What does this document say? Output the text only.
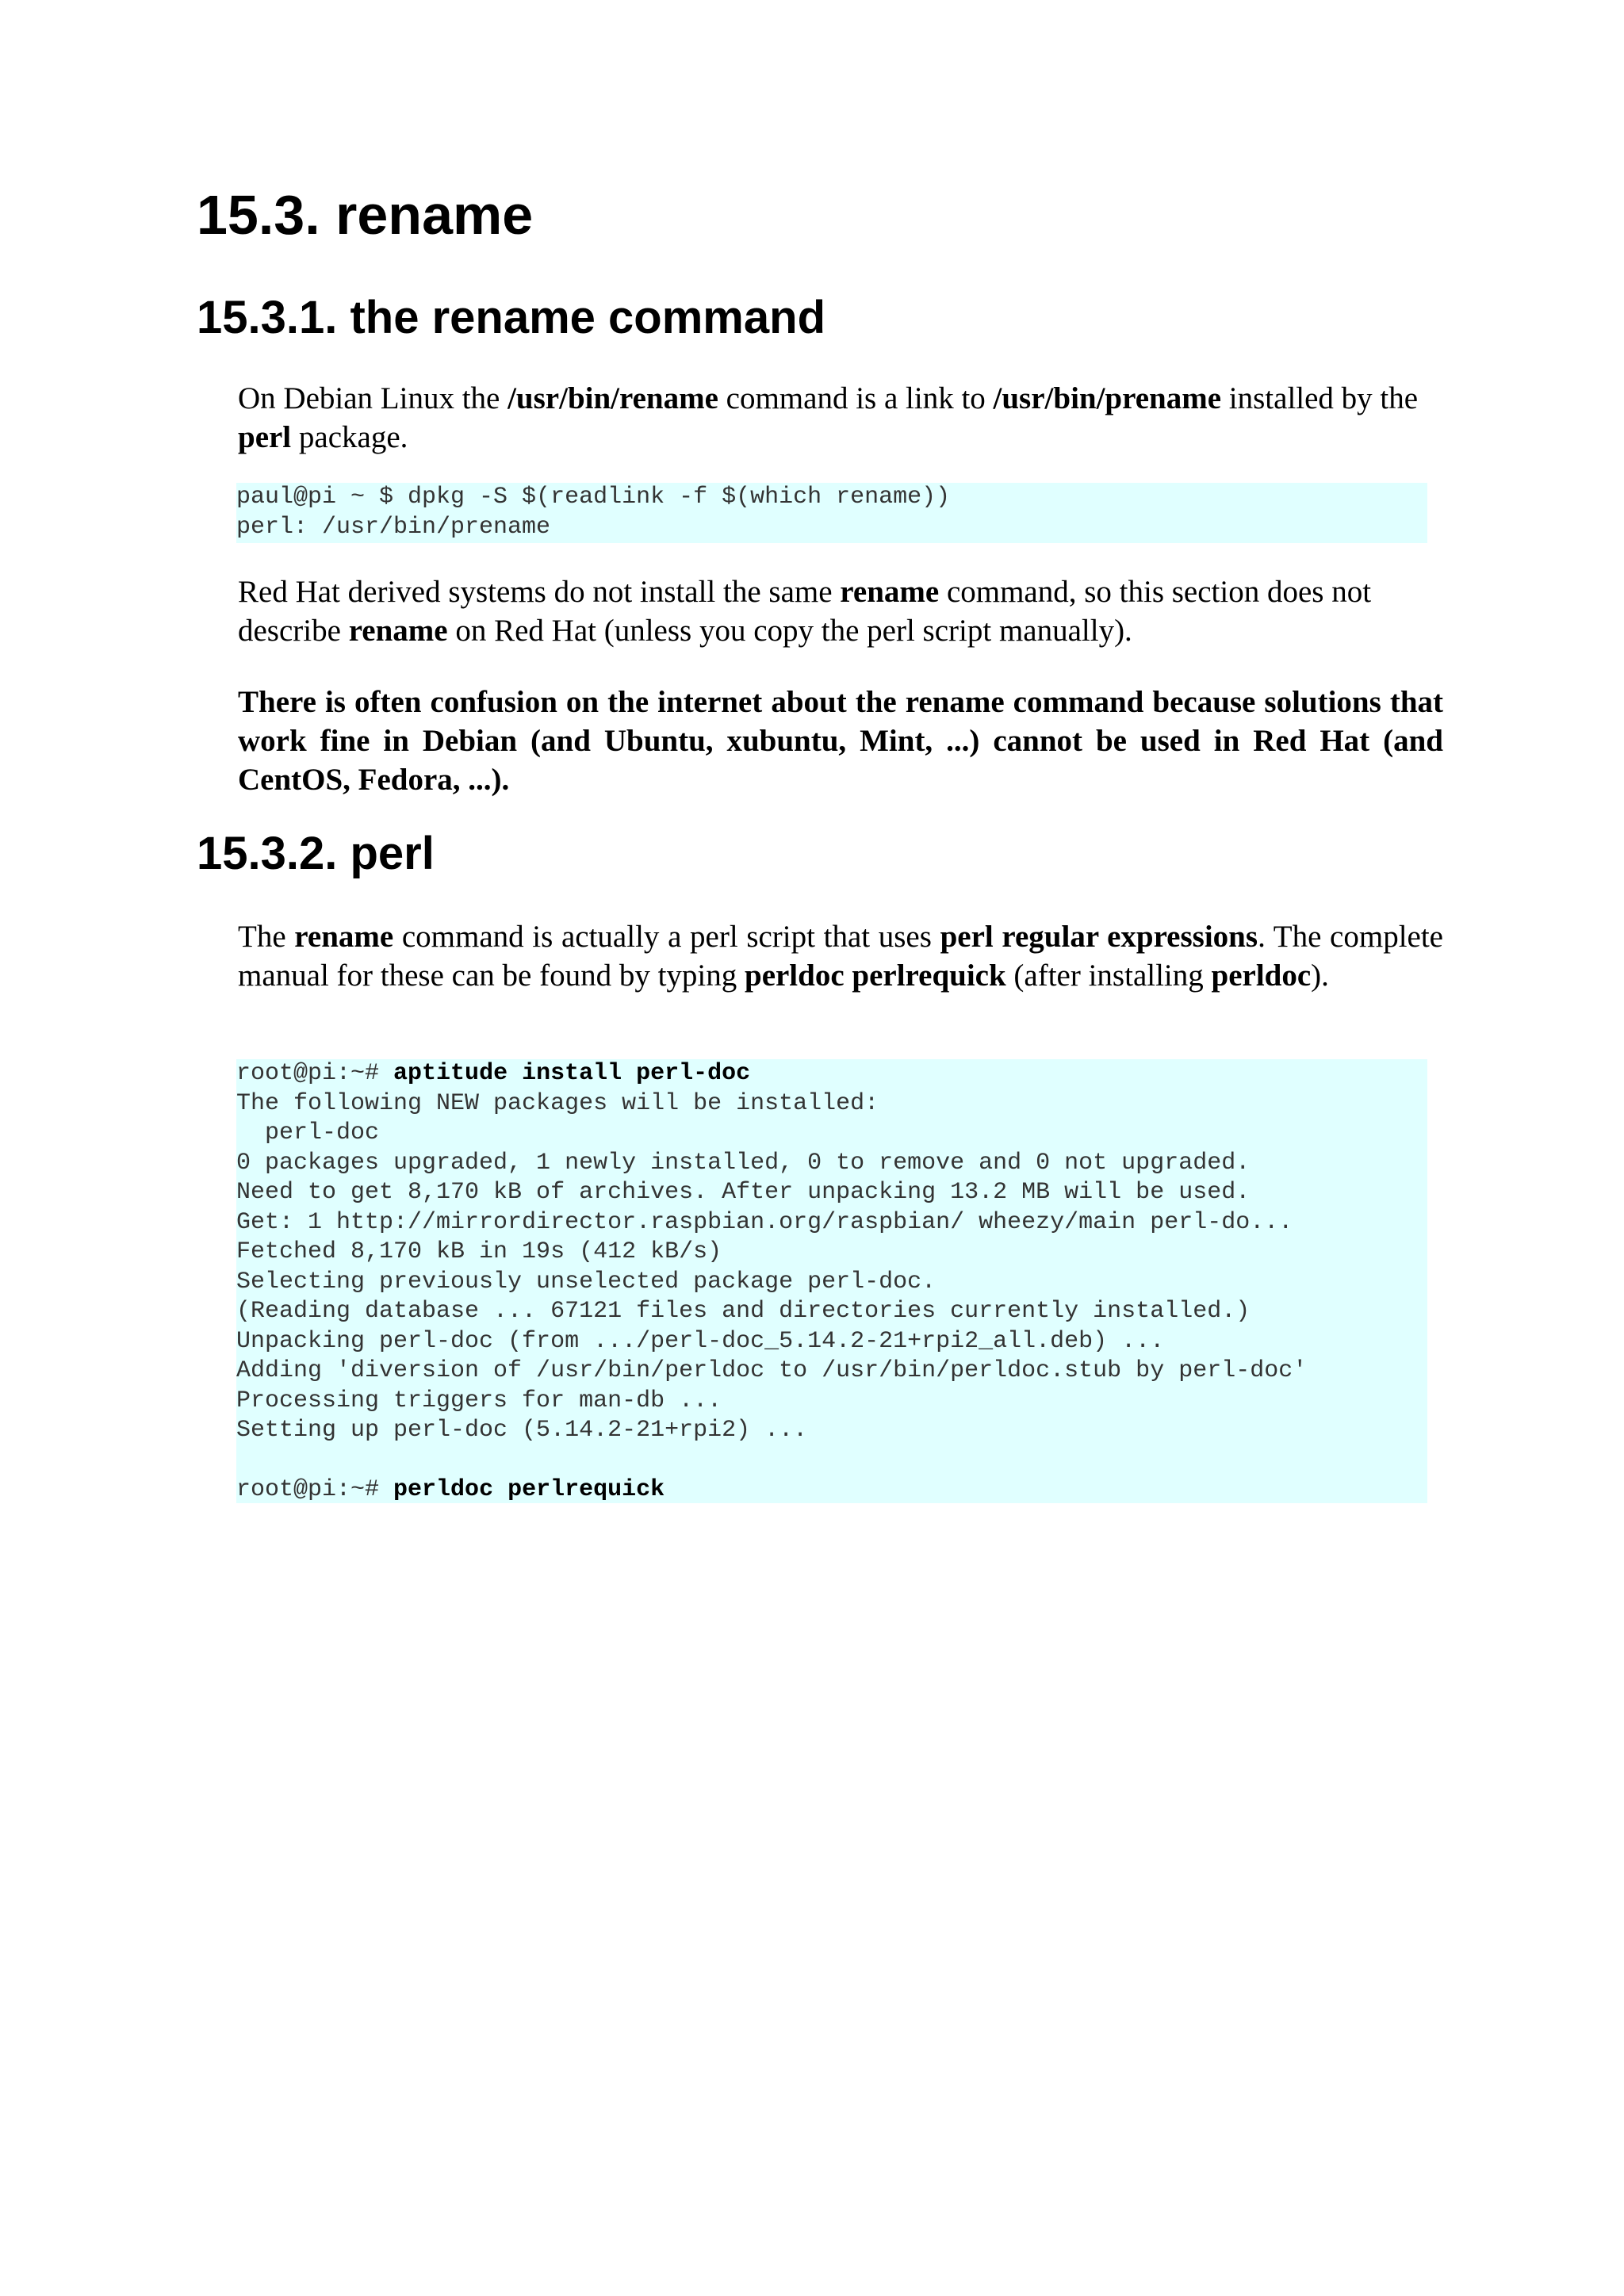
15.3. rename
15.3.1. the rename command

On Debian Linux the /usr/bin/rename command is a link to /usr/bin/prename installed by the perl package.

paul@pi ~ $ dpkg -S $(readlink -f $(which rename))
perl: /usr/bin/prename

Red Hat derived systems do not install the same rename command, so this section does not describe rename on Red Hat (unless you copy the perl script manually).

There is often confusion on the internet about the rename command because solutions that work fine in Debian (and Ubuntu, xubuntu, Mint, ...) cannot be used in Red Hat (and CentOS, Fedora, ...).

15.3.2. perl

The rename command is actually a perl script that uses perl regular expressions. The complete manual for these can be found by typing perldoc perlrequick (after installing perldoc).

root@pi:~# aptitude install perl-doc
The following NEW packages will be installed:
perl-doc
0 packages upgraded, 1 newly installed, 0 to remove and 0 not upgraded.
Need to get 8,170 kB of archives. After unpacking 13.2 MB will be used.
Get: 1 http://mirrordirector.raspbian.org/raspbian/ wheezy/main perl-do...
Fetched 8,170 kB in 19s (412 kB/s)
Selecting previously unselected package perl-doc.
(Reading database ... 67121 files and directories currently installed.)
Unpacking perl-doc (from .../perl-doc_5.14.2-21+rpi2_all.deb) ...
Adding 'diversion of /usr/bin/perldoc to /usr/bin/perldoc.stub by perl-doc'
Processing triggers for man-db ...
Setting up perl-doc (5.14.2-21+rpi2) ...

root@pi:~# perldoc perlrequick
